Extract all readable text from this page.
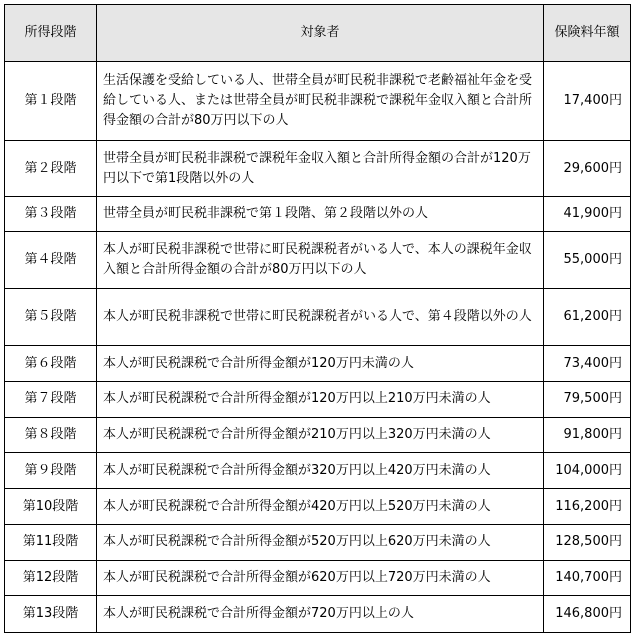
所得段階	対象者	保険料年額
第１段階	生活保護を受給している人、世帯全員が町民税非課税で老齢福祉年金を受給している人、または世帯全員が町民税非課税で課税年金収入額と合計所得金額の合計が80万円以下の人	17,400円
第２段階	世帯全員が町民税非課税で課税年金収入額と合計所得金額の合計が120万円以下で第1段階以外の人	29,600円
第３段階	世帯全員が町民税非課税で第１段階、第２段階以外の人	41,900円
第４段階	本人が町民税非課税で世帯に町民税課税者がいる人で、本人の課税年金収入額と合計所得金額の合計が80万円以下の人	55,000円
第５段階	本人が町民税非課税で世帯に町民税課税者がいる人で、第４段階以外の人	61,200円
第６段階	本人が町民税課税で合計所得金額が120万円未満の人	73,400円
第７段階	本人が町民税課税で合計所得金額が120万円以上210万円未満の人	79,500円
第８段階	本人が町民税課税で合計所得金額が210万円以上320万円未満の人	91,800円
第９段階	本人が町民税課税で合計所得金額が320万円以上420万円未満の人	104,000円
第10段階	本人が町民税課税で合計所得金額が420万円以上520万円未満の人	116,200円
第11段階	本人が町民税課税で合計所得金額が520万円以上620万円未満の人	128,500円
第12段階	本人が町民税課税で合計所得金額が620万円以上720万円未満の人	140,700円
第13段階	本人が町民税課税で合計所得金額が720万円以上の人	146,800円
